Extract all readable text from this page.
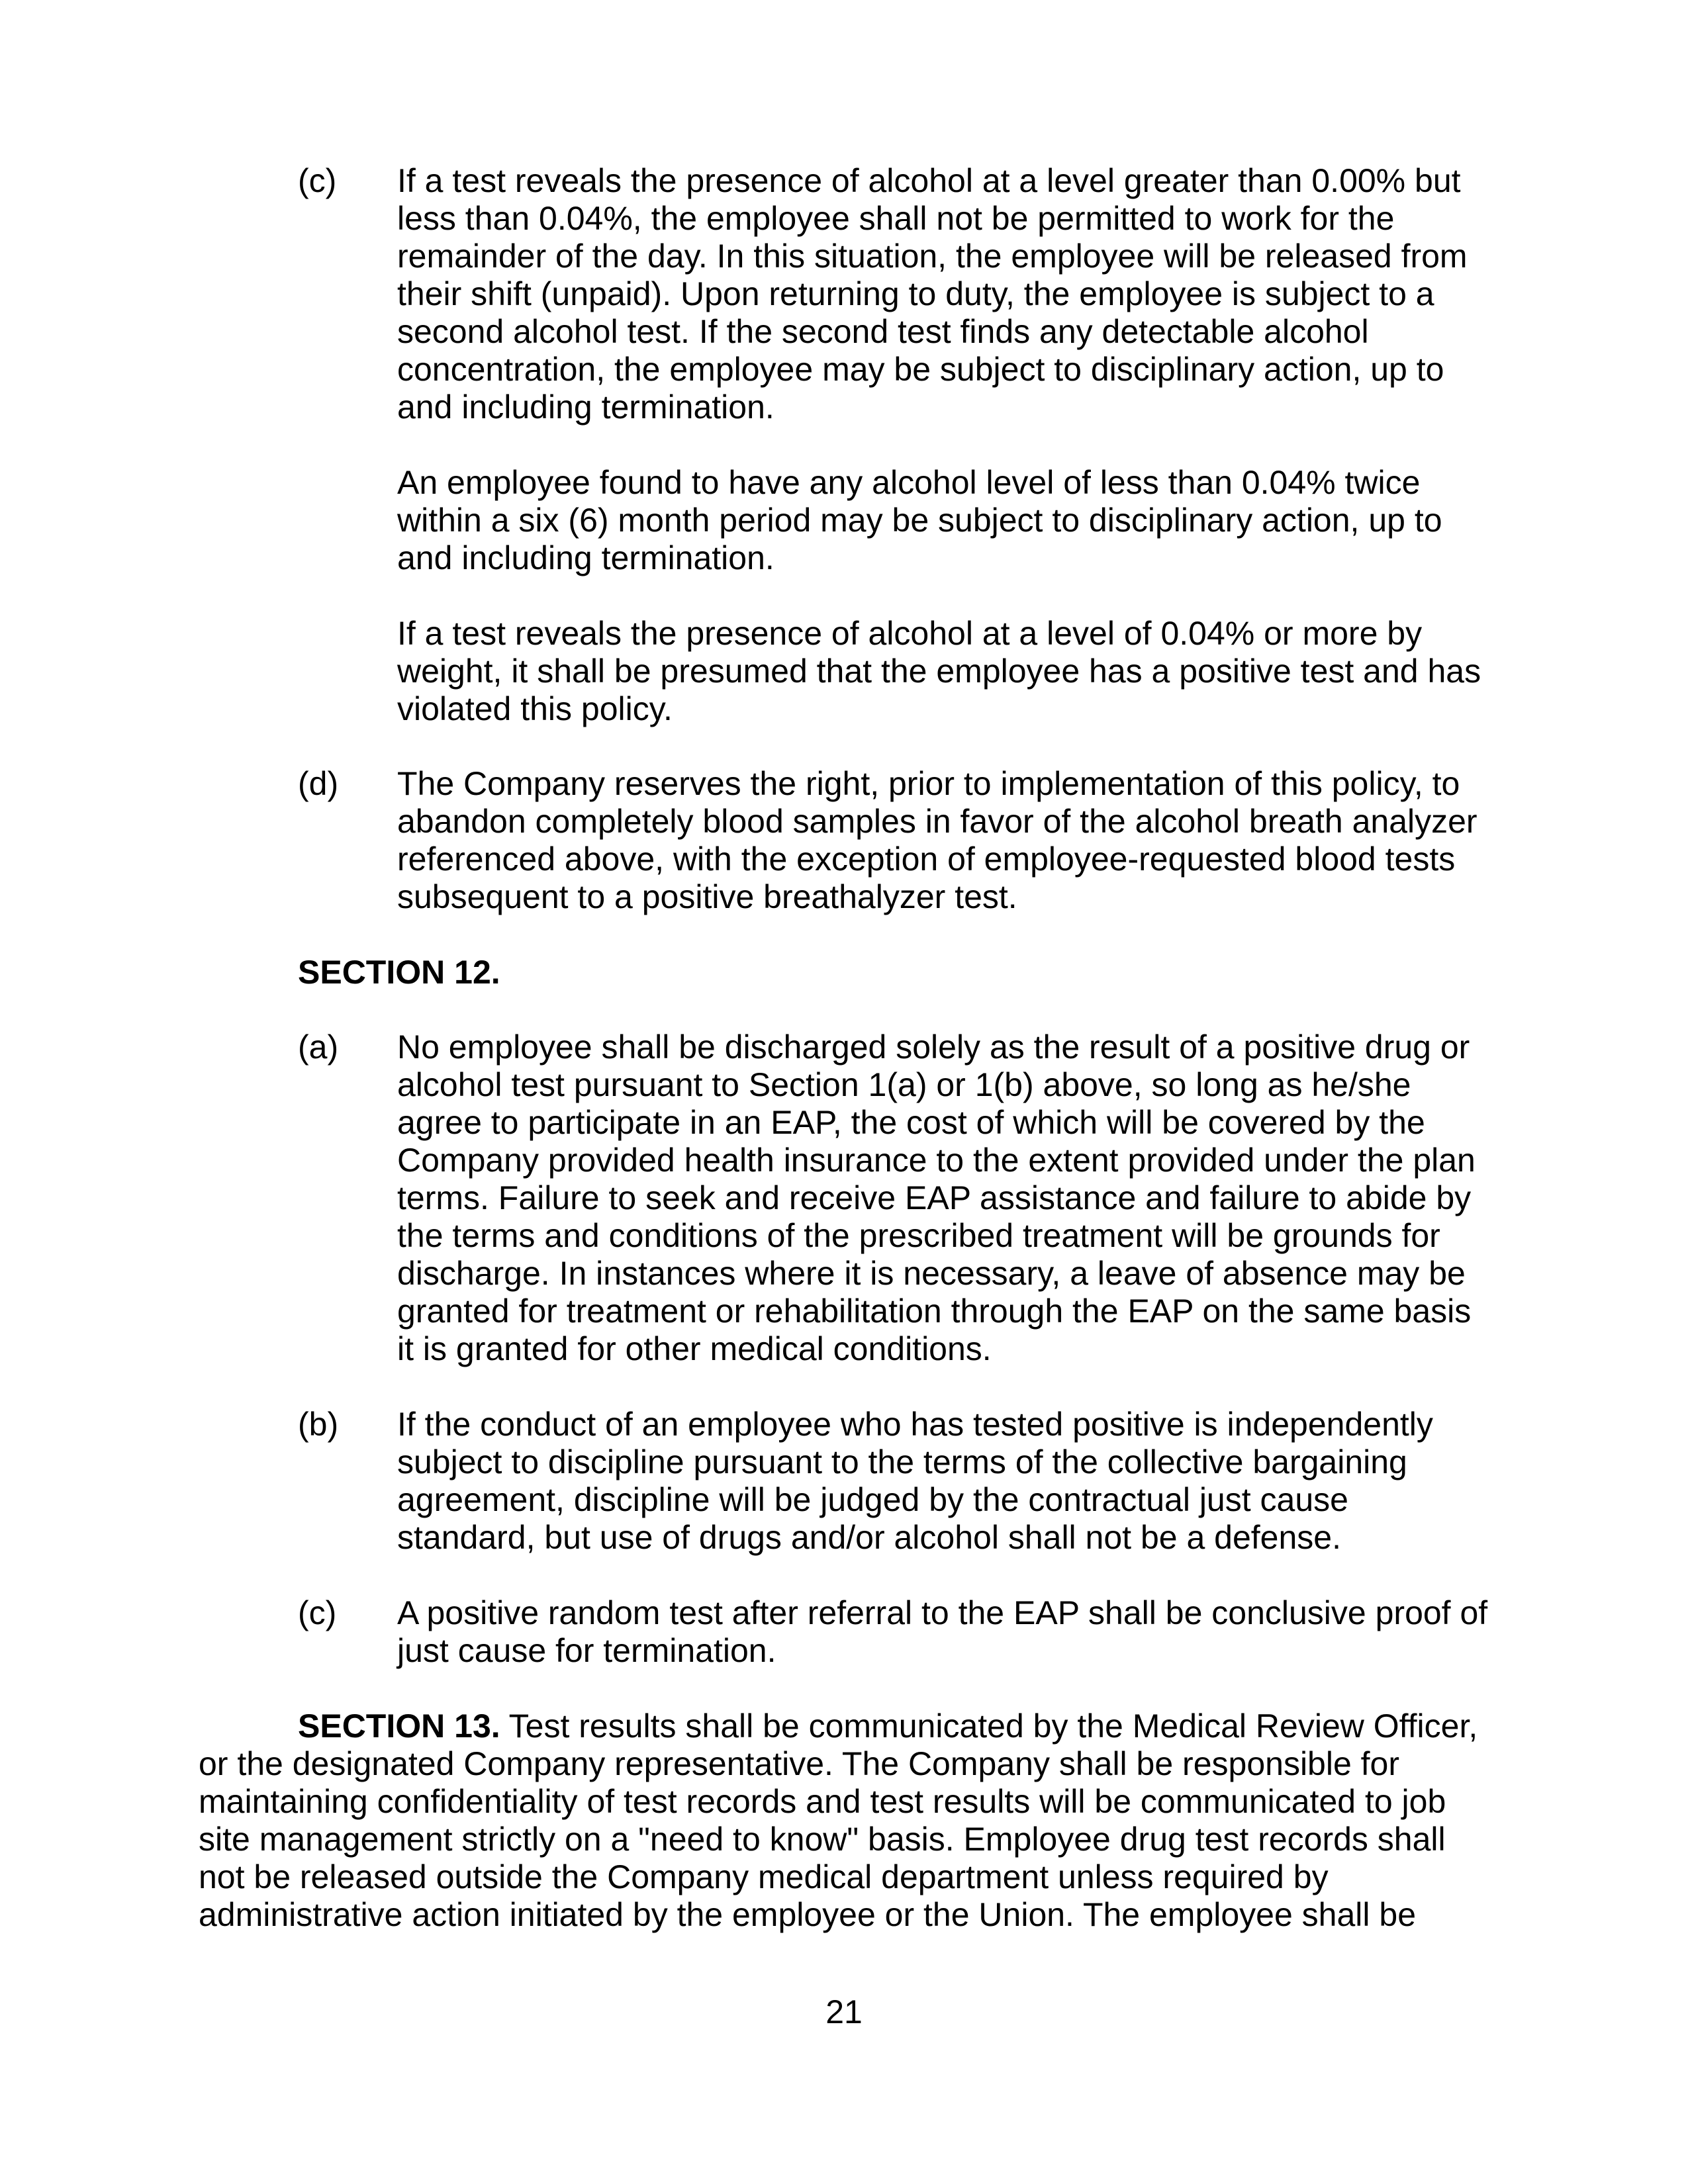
(c) If a test reveals the presence of alcohol at a level greater than 0.00% but less than 0.04%, the employee shall not be permitted to work for the remainder of the day. In this situation, the employee will be released from their shift (unpaid). Upon returning to duty, the employee is subject to a second alcohol test. If the second test finds any detectable alcohol concentration, the employee may be subject to disciplinary action, up to and including termination.

An employee found to have any alcohol level of less than 0.04% twice within a six (6) month period may be subject to disciplinary action, up to and including termination.

If a test reveals the presence of alcohol at a level of 0.04% or more by weight, it shall be presumed that the employee has a positive test and has violated this policy.

(d) The Company reserves the right, prior to implementation of this policy, to abandon completely blood samples in favor of the alcohol breath analyzer referenced above, with the exception of employee-requested blood tests subsequent to a positive breathalyzer test.

SECTION 12.
(a) No employee shall be discharged solely as the result of a positive drug or alcohol test pursuant to Section 1(a) or 1(b) above, so long as he/she agree to participate in an EAP, the cost of which will be covered by the Company provided health insurance to the extent provided under the plan terms. Failure to seek and receive EAP assistance and failure to abide by the terms and conditions of the prescribed treatment will be grounds for discharge. In instances where it is necessary, a leave of absence may be granted for treatment or rehabilitation through the EAP on the same basis it is granted for other medical conditions.

(b) If the conduct of an employee who has tested positive is independently subject to discipline pursuant to the terms of the collective bargaining agreement, discipline will be judged by the contractual just cause standard, but use of drugs and/or alcohol shall not be a defense.

(c) A positive random test after referral to the EAP shall be conclusive proof of just cause for termination.

SECTION 13. Test results shall be communicated by the Medical Review Officer, or the designated Company representative. The Company shall be responsible for maintaining confidentiality of test records and test results will be communicated to job site management strictly on a "need to know" basis. Employee drug test records shall not be released outside the Company medical department unless required by administrative action initiated by the employee or the Union. The employee shall be

21
